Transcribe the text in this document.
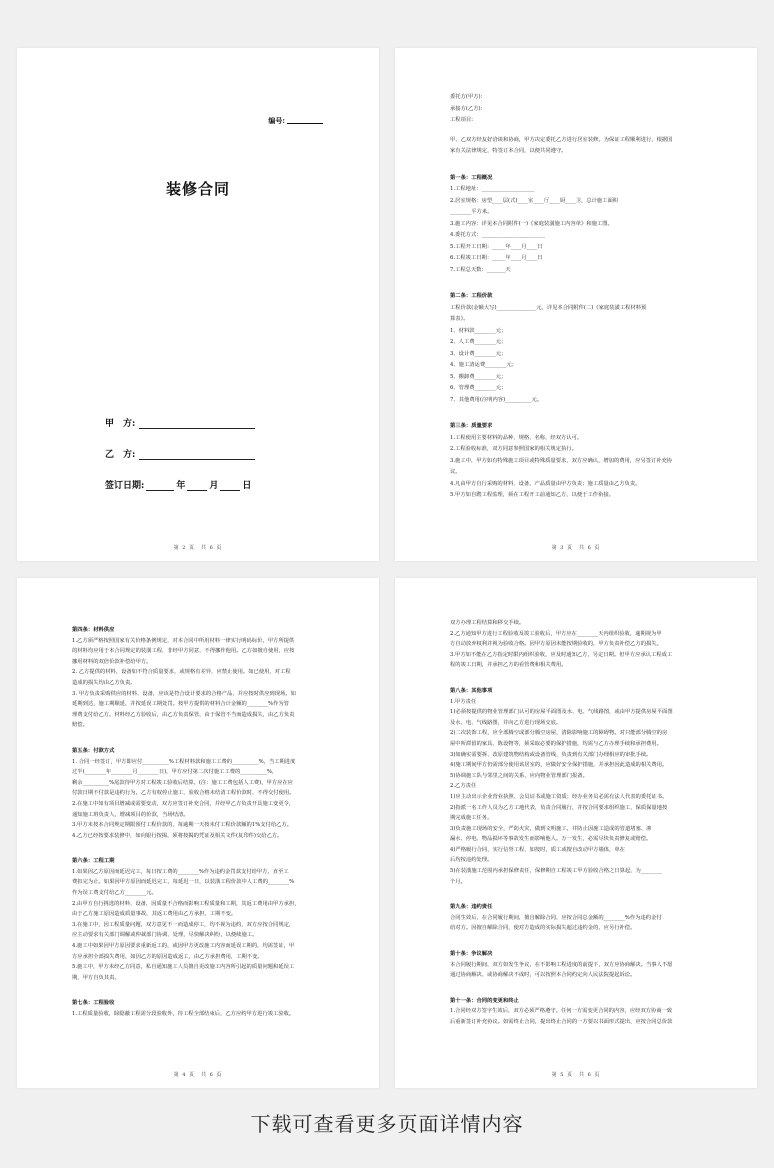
编号:
装修合同
甲　方:
乙　方:
签订日期:	年	月	日
第 2 页　共 6 页

委托方(甲方):

承接方(乙方):

工程项目:

甲、乙双方经友好洽谈和协商，甲方决定委托乙方进行居室装修。为保证工程顺利进行，根据国

家有关法律规定，特签订本合同，以便共同遵守。

第一条：工程概况

1.工程地址：____________________

2.居室规格：房型____层(式)____室____厅____厨____卫，总计施工面积

________平方米。

3.施工内容：详见本合同附件(一)《家庭装潢施工内容单》和施工图。

4.委托方式：________________________

5.工程开工日期：_____年____月____日

6.工程竣工日期：_____年____月____日

7.工程总天数：_______天

第二条：工程价款

工程价款(金额大写)_______________元，详见本合同附件(二)《家庭装潢工程材料预

算表》。

1、材料款________元；

2、人工费________元；

3、设计费________元；

4、施工清运费________元；

5、搬卸费________元；

6、管理费________元；

7、其他费用(注明内容)__________元。

第三条：质量要求

1.工程使用主要材料的品种、规格、名称，经双方认可。

2.工程验收标准，双方同意参照国家的相关规定执行。

3.施工中，甲方如有特殊施工项目或特殊质量要求，双方应确认，增加的费用，应另签订补充协

议。

4.凡由甲方自行采购的材料、设备，产品质量由甲方负责；施工质量由乙方负责。

5.甲方如自聘工程监理，须在工程开工前通知乙方，以便于工作衔接。

第 3 页　共 6 页

第四条：材料供应

1.乙方须严格按照国家有关价格条例规定，对本合同中所用材料一律实行明码标价，甲方所提供

的材料均应用于本合同规定的装潢工程，非经甲方同意，不得挪作他用。乙方如擅自使用，应按

挪用材料的双倍价款补偿给甲方。

2. 乙方提供的材料，设备如不符合质量要求，或规格有差异，应禁止使用。如已使用，对工程

造成的损失均由乙方负责。

3. 甲方负责采购供应的材料、设备，应该是符合设计要求的合格产品，并应按时供应到现场。如

延期到达，施工期顺延，并按延误工期处罚。按甲方提供的材料合计金额的________%作为管

理费支付给乙方。材料经乙方验收后，由乙方负责保管，由于保管不当而造成损失，由乙方负责

赔偿。

第五条：付款方式

1. 合同一经签订，甲方即应付__________%工程材料款和施工工费的__________%，当工期进度

过半(________年________月________日)，甲方应付第二次付施工工费的__________%，

剩余__________%尾款待甲方对工程竣工验收后结算。(注：施工工费包括人工费)，甲方应在应

付款日期不付款是违约行为，乙方有权停止施工，验收合格未结清工程价款时，不得交付使用。

2.在施工中如有项目增减或需要变动，双方应签订补充合同，并经甲乙方负责开具施工变更令，

通知施工班负责人，增减项目的价款，当场结清。

3.甲方未按本合同规定期限预付工程价款的，每逾期一天按未付工程价款额的1%支付给乙方。

4.乙方已经按要求装修中，如向银行按揭，须将按揭的凭证及相关文件(复印件)交给乙方。

第六条：工程工期

1.如果因乙方原因而延迟完工，每日按工费的________%作为违约金罚款支付给甲方，直至工

费扣完为止。如果因甲方原因而延迟完工，每延迟一日，以装潢工程价款中人工费的________%

作为误工费支付给乙方________元。

2.由甲方自行挑选的材料、设备，因质量不合格而影响工程质量和工期，其返工费用由甲方承担，

由于乙方施工原因造成质量事故，其返工费用由乙方承担，工期不变。

3.在施工中，因工程质量问题，双方意见不一而造成停工，均不视为违约，双方应按合同规定，

应主动要求有关部门调解或仲裁部门协调、处理，尽快解决纠纷，以便续施工。

4.施工中如果因甲方原因要求重新返工的，或因甲方更改施工内容而延误工期的，均需签证，甲

方应承担全部损失费用，如因乙方的原因造成返工，由乙方承担费用，工期不变。

5.施工中，甲方未经乙方同意，私自通知施工人员擅自更改施工内容所引起的质量问题和延误工

期，甲方自负其责。

第七条：工程验收

1.工程质量验收，除隐蔽工程需分段验收外，待工程全部结束后，乙方应约甲方进行竣工验收。

第 4 页　共 6 页

双方办理工程结算和移交手续。

2.乙方通知甲方进行工程验收及竣工验收后，甲方应在________天内组织验收，逾期视为甲

方自动放弃权利并视为验收合格。因甲方原因未能按期验收的，甲方负责补偿乙方的损失。

3.甲方如不能在乙方指定时限内组织验收，应及时通知乙方，另定日期。但甲方应承认工程成工

程的竣工日期，并承担乙方的看管费和相关费用。

第八条：其他事项

1.甲方责任

1)必须按提供的物业管理部门认可的房屋平面图及水、电、气线路图，或由甲方提供房屋平面图

及水、电、气线路图，并向乙方进行现场交底。

2)二次装饰工程，应全部腾空或部分腾空房屋，清除影响施工的障碍物。对只能部分腾空的房

屋中所滞留的家具、陈设物等，须采取必要的保护措施，均需与乙方办理手续和承担费用。

3)如确实需要拆、改原建筑物结构或设备管线，负责到有关部门办理相应的审批手续。

4)施工期间甲方仍需部分使用该居室的，应做好安全保护措施，并承担因此造成的相关费用。

5)协调施工队与邻里之间的关系，应向物业管理部门报备。

2.乙方责任

1)应主动出示企业营业执照、会员证书或施工资质；经办业务员必需有法人代表的委托证书。

2)指派一名工作人员为乙方工地代表，负责合同履行，并按合同要求组织施工，保质保量地按

期完成施工任务。

3)负责施工现场的安全，严防火灾，做到文明施工，并防止因施工造成的管道堵塞、渗

漏水、停电、物品损坏等事故发生而影响他人。万一发生，必需尽快负责修复或赔偿。

4)严格履行合同，实行信誉工程，如按时，质工或擅自改动甲方墙体，单在

后均按违约处理。

5)在装潢施工范围内承担保修责任，保修期自工程竣工甲方验收合格之日算起，为________

个月。

第九条：违约责任

合同生效后，在合同履行期间，擅自解除合同，应按合同总金额的________%作为违约金付

给对方。因擅自解除合同，使对方造成的实际损失超过违约金的，应另行补偿。

第十条：争议解决

本合同履行期间，双方如发生争议，在不影响工程进度的前提下，双方应协商解决。当事人不愿

通过协商解决、或协商解决不成时，可以按照本合同约定向人民法院提起诉讼。

第十一条：合同的变更和终止

1.合同经双方签字生效后，双方必须严格遵守。任何一方需变更合同的内容，应经双方协商一致

后重新签订补充协议。如需终止合同，提出终止合同的一方要以书面形式提出，应按合同总价款

第 5 页　共 6 页
下载可查看更多页面详情内容
